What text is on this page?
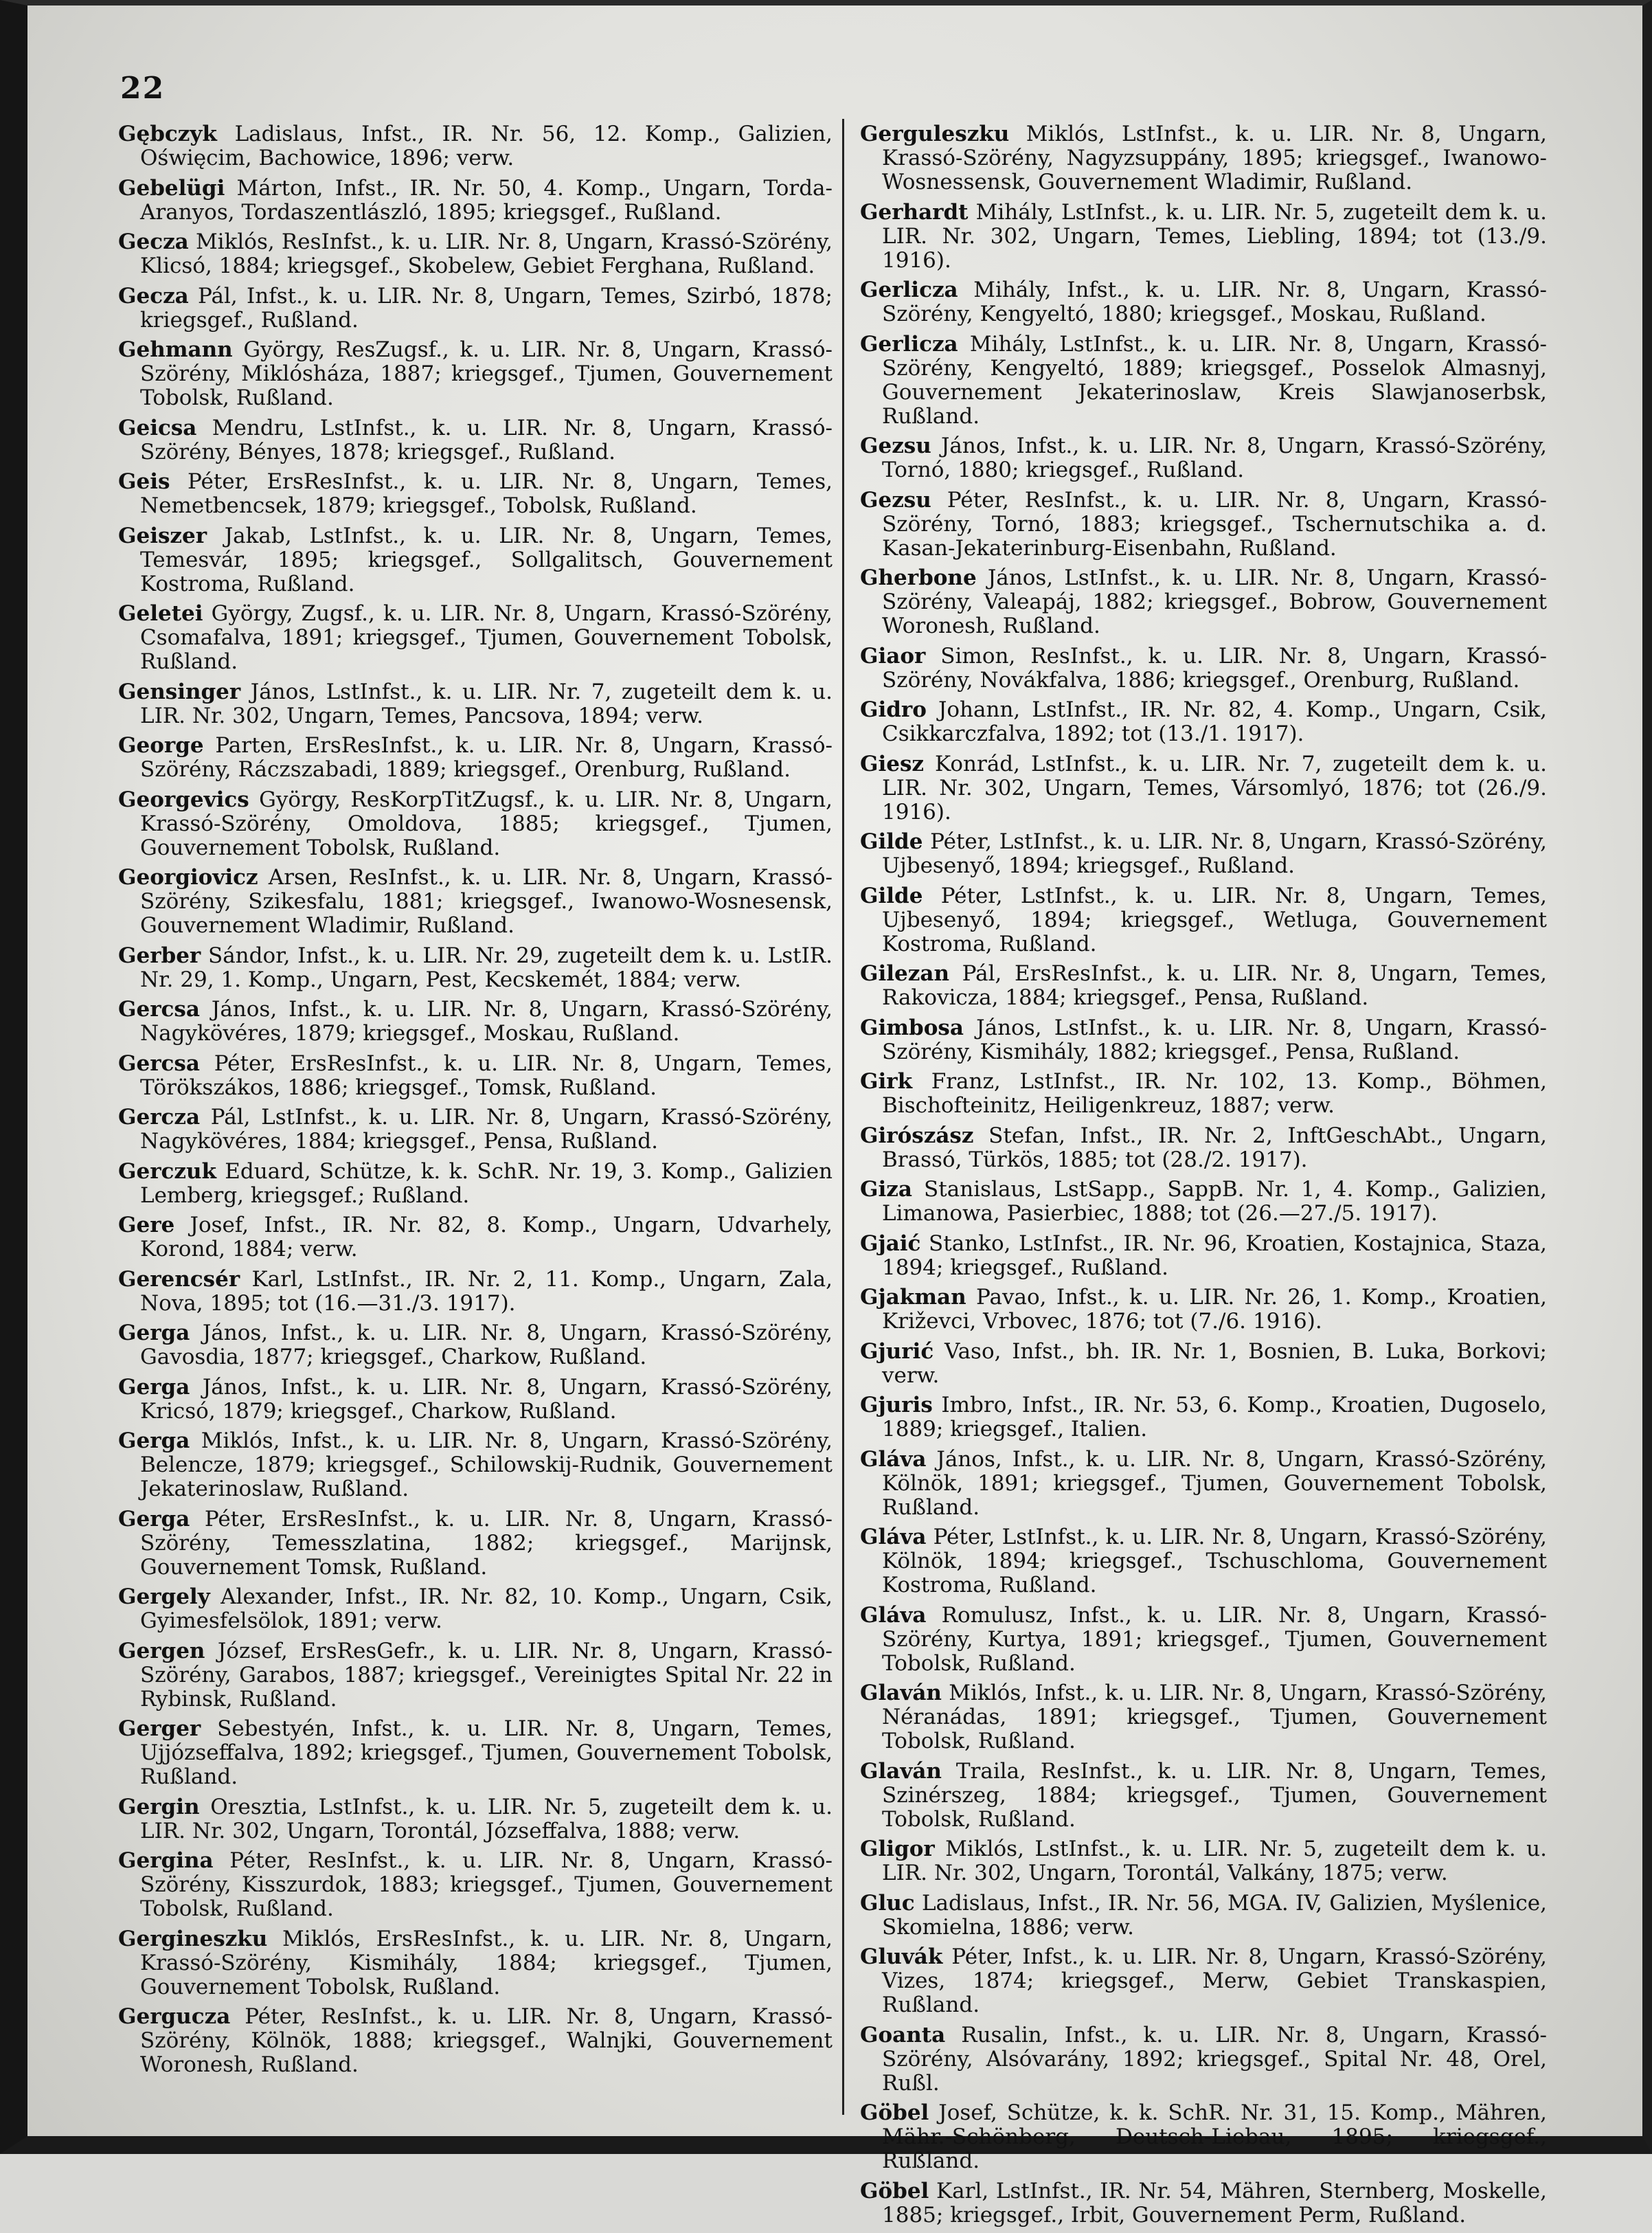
22
Gębczyk Ladislaus, Infst., IR. Nr. 56, 12. Komp., Galizien, Oświęcim, Bachowice, 1896; verw.
Gebelügi Márton, Infst., IR. Nr. 50, 4. Komp., Ungarn, Torda-Aranyos, Tordaszentlászló, 1895; kriegsgef., Rußland.
Gecza Miklós, ResInfst., k. u. LIR. Nr. 8, Ungarn, Krassó-Szörény, Klicsó, 1884; kriegsgef., Skobelew, Gebiet Ferghana, Rußland.
Gecza Pál, Infst., k. u. LIR. Nr. 8, Ungarn, Temes, Szirbó, 1878; kriegsgef., Rußland.
Gehmann György, ResZugsf., k. u. LIR. Nr. 8, Ungarn, Krassó-Szörény, Miklósháza, 1887; kriegsgef., Tjumen, Gouvernement Tobolsk, Rußland.
Geicsa Mendru, LstInfst., k. u. LIR. Nr. 8, Ungarn, Krassó-Szörény, Bényes, 1878; kriegsgef., Rußland.
Geis Péter, ErsResInfst., k. u. LIR. Nr. 8, Ungarn, Temes, Nemetbencsek, 1879; kriegsgef., Tobolsk, Rußland.
Geiszer Jakab, LstInfst., k. u. LIR. Nr. 8, Ungarn, Temes, Temesvár, 1895; kriegsgef., Sollgalitsch, Gouvernement Kostroma, Rußland.
Geletei György, Zugsf., k. u. LIR. Nr. 8, Ungarn, Krassó-Szörény, Csomafalva, 1891; kriegsgef., Tjumen, Gouvernement Tobolsk, Rußland.
Gensinger János, LstInfst., k. u. LIR. Nr. 7, zugeteilt dem k. u. LIR. Nr. 302, Ungarn, Temes, Pancsova, 1894; verw.
George Parten, ErsResInfst., k. u. LIR. Nr. 8, Ungarn, Krassó-Szörény, Ráczszabadi, 1889; kriegsgef., Orenburg, Rußland.
Georgevics György, ResKorpTitZugsf., k. u. LIR. Nr. 8, Ungarn, Krassó-Szörény, Omoldova, 1885; kriegsgef., Tjumen, Gouvernement Tobolsk, Rußland.
Georgiovicz Arsen, ResInfst., k. u. LIR. Nr. 8, Ungarn, Krassó-Szörény, Szikesfalu, 1881; kriegsgef., Iwanowo-Wosnesensk, Gouvernement Wladimir, Rußland.
Gerber Sándor, Infst., k. u. LIR. Nr. 29, zugeteilt dem k. u. LstIR. Nr. 29, 1. Komp., Ungarn, Pest, Kecskemét, 1884; verw.
Gercsa János, Infst., k. u. LIR. Nr. 8, Ungarn, Krassó-Szörény, Nagykövéres, 1879; kriegsgef., Moskau, Rußland.
Gercsa Péter, ErsResInfst., k. u. LIR. Nr. 8, Ungarn, Temes, Törökszákos, 1886; kriegsgef., Tomsk, Rußland.
Gercza Pál, LstInfst., k. u. LIR. Nr. 8, Ungarn, Krassó-Szörény, Nagykövéres, 1884; kriegsgef., Pensa, Rußland.
Gerczuk Eduard, Schütze, k. k. SchR. Nr. 19, 3. Komp., Galizien Lemberg, kriegsgef.; Rußland.
Gere Josef, Infst., IR. Nr. 82, 8. Komp., Ungarn, Udvarhely, Korond, 1884; verw.
Gerencsér Karl, LstInfst., IR. Nr. 2, 11. Komp., Ungarn, Zala, Nova, 1895; tot (16.—31./3. 1917).
Gerga János, Infst., k. u. LIR. Nr. 8, Ungarn, Krassó-Szörény, Gavosdia, 1877; kriegsgef., Charkow, Rußland.
Gerga János, Infst., k. u. LIR. Nr. 8, Ungarn, Krassó-Szörény, Kricsó, 1879; kriegsgef., Charkow, Rußland.
Gerga Miklós, Infst., k. u. LIR. Nr. 8, Ungarn, Krassó-Szörény, Belencze, 1879; kriegsgef., Schilowskij-Rudnik, Gouvernement Jekaterinoslaw, Rußland.
Gerga Péter, ErsResInfst., k. u. LIR. Nr. 8, Ungarn, Krassó-Szörény, Temesszlatina, 1882; kriegsgef., Marijnsk, Gouvernement Tomsk, Rußland.
Gergely Alexander, Infst., IR. Nr. 82, 10. Komp., Ungarn, Csik, Gyimesfelsölok, 1891; verw.
Gergen József, ErsResGefr., k. u. LIR. Nr. 8, Ungarn, Krassó-Szörény, Garabos, 1887; kriegsgef., Vereinigtes Spital Nr. 22 in Rybinsk, Rußland.
Gerger Sebestyén, Infst., k. u. LIR. Nr. 8, Ungarn, Temes, Ujjózseffalva, 1892; kriegsgef., Tjumen, Gouvernement Tobolsk, Rußland.
Gergin Oresztia, LstInfst., k. u. LIR. Nr. 5, zugeteilt dem k. u. LIR. Nr. 302, Ungarn, Torontál, Józseffalva, 1888; verw.
Gergina Péter, ResInfst., k. u. LIR. Nr. 8, Ungarn, Krassó-Szörény, Kisszurdok, 1883; kriegsgef., Tjumen, Gouvernement Tobolsk, Rußland.
Gergineszku Miklós, ErsResInfst., k. u. LIR. Nr. 8, Ungarn, Krassó-Szörény, Kismihály, 1884; kriegsgef., Tjumen, Gouvernement Tobolsk, Rußland.
Gergucza Péter, ResInfst., k. u. LIR. Nr. 8, Ungarn, Krassó-Szörény, Kölnök, 1888; kriegsgef., Walnjki, Gouvernement Woronesh, Rußland.
Gerguleszku Miklós, LstInfst., k. u. LIR. Nr. 8, Ungarn, Krassó-Szörény, Nagyzsuppány, 1895; kriegsgef., Iwanowo-Wosnessensk, Gouvernement Wladimir, Rußland.
Gerhardt Mihály, LstInfst., k. u. LIR. Nr. 5, zugeteilt dem k. u. LIR. Nr. 302, Ungarn, Temes, Liebling, 1894; tot (13./9. 1916).
Gerlicza Mihály, Infst., k. u. LIR. Nr. 8, Ungarn, Krassó-Szörény, Kengyeltó, 1880; kriegsgef., Moskau, Rußland.
Gerlicza Mihály, LstInfst., k. u. LIR. Nr. 8, Ungarn, Krassó-Szörény, Kengyeltó, 1889; kriegsgef., Posselok Almasnyj, Gouvernement Jekaterinoslaw, Kreis Slawjanoserbsk, Rußland.
Gezsu János, Infst., k. u. LIR. Nr. 8, Ungarn, Krassó-Szörény, Tornó, 1880; kriegsgef., Rußland.
Gezsu Péter, ResInfst., k. u. LIR. Nr. 8, Ungarn, Krassó-Szörény, Tornó, 1883; kriegsgef., Tschernutschika a. d. Kasan-Jekaterinburg-Eisenbahn, Rußland.
Gherbone János, LstInfst., k. u. LIR. Nr. 8, Ungarn, Krassó-Szörény, Valeapáj, 1882; kriegsgef., Bobrow, Gouvernement Woronesh, Rußland.
Giaor Simon, ResInfst., k. u. LIR. Nr. 8, Ungarn, Krassó-Szörény, Novákfalva, 1886; kriegsgef., Orenburg, Rußland.
Gidro Johann, LstInfst., IR. Nr. 82, 4. Komp., Ungarn, Csik, Csikkarczfalva, 1892; tot (13./1. 1917).
Giesz Konrád, LstInfst., k. u. LIR. Nr. 7, zugeteilt dem k. u. LIR. Nr. 302, Ungarn, Temes, Vársomlyó, 1876; tot (26./9. 1916).
Gilde Péter, LstInfst., k. u. LIR. Nr. 8, Ungarn, Krassó-Szörény, Ujbesenyő, 1894; kriegsgef., Rußland.
Gilde Péter, LstInfst., k. u. LIR. Nr. 8, Ungarn, Temes, Ujbesenyő, 1894; kriegsgef., Wetluga, Gouvernement Kostroma, Rußland.
Gilezan Pál, ErsResInfst., k. u. LIR. Nr. 8, Ungarn, Temes, Rakovicza, 1884; kriegsgef., Pensa, Rußland.
Gimbosa János, LstInfst., k. u. LIR. Nr. 8, Ungarn, Krassó-Szörény, Kismihály, 1882; kriegsgef., Pensa, Rußland.
Girk Franz, LstInfst., IR. Nr. 102, 13. Komp., Böhmen, Bischofteinitz, Heiligenkreuz, 1887; verw.
Girószász Stefan, Infst., IR. Nr. 2, InftGeschAbt., Ungarn, Brassó, Türkös, 1885; tot (28./2. 1917).
Giza Stanislaus, LstSapp., SappB. Nr. 1, 4. Komp., Galizien, Limanowa, Pasierbiec, 1888; tot (26.—27./5. 1917).
Gjaić Stanko, LstInfst., IR. Nr. 96, Kroatien, Kostajnica, Staza, 1894; kriegsgef., Rußland.
Gjakman Pavao, Infst., k. u. LIR. Nr. 26, 1. Komp., Kroatien, Križevci, Vrbovec, 1876; tot (7./6. 1916).
Gjurić Vaso, Infst., bh. IR. Nr. 1, Bosnien, B. Luka, Borkovi; verw.
Gjuris Imbro, Infst., IR. Nr. 53, 6. Komp., Kroatien, Dugoselo, 1889; kriegsgef., Italien.
Gláva János, Infst., k. u. LIR. Nr. 8, Ungarn, Krassó-Szörény, Kölnök, 1891; kriegsgef., Tjumen, Gouvernement Tobolsk, Rußland.
Gláva Péter, LstInfst., k. u. LIR. Nr. 8, Ungarn, Krassó-Szörény, Kölnök, 1894; kriegsgef., Tschuschloma, Gouvernement Kostroma, Rußland.
Gláva Romulusz, Infst., k. u. LIR. Nr. 8, Ungarn, Krassó-Szörény, Kurtya, 1891; kriegsgef., Tjumen, Gouvernement Tobolsk, Rußland.
Glaván Miklós, Infst., k. u. LIR. Nr. 8, Ungarn, Krassó-Szörény, Néranádas, 1891; kriegsgef., Tjumen, Gouvernement Tobolsk, Rußland.
Glaván Traila, ResInfst., k. u. LIR. Nr. 8, Ungarn, Temes, Szinérszeg, 1884; kriegsgef., Tjumen, Gouvernement Tobolsk, Rußland.
Gligor Miklós, LstInfst., k. u. LIR. Nr. 5, zugeteilt dem k. u. LIR. Nr. 302, Ungarn, Torontál, Valkány, 1875; verw.
Gluc Ladislaus, Infst., IR. Nr. 56, MGA. IV, Galizien, Myślenice, Skomielna, 1886; verw.
Gluvák Péter, Infst., k. u. LIR. Nr. 8, Ungarn, Krassó-Szörény, Vizes, 1874; kriegsgef., Merw, Gebiet Transkaspien, Rußland.
Goanta Rusalin, Infst., k. u. LIR. Nr. 8, Ungarn, Krassó-Szörény, Alsóvarány, 1892; kriegsgef., Spital Nr. 48, Orel, Rußl.
Göbel Josef, Schütze, k. k. SchR. Nr. 31, 15. Komp., Mähren, Mähr.-Schönberg, Deutsch-Liebau, 1895; kriegsgef., Rußland.
Göbel Karl, LstInfst., IR. Nr. 54, Mähren, Sternberg, Moskelle, 1885; kriegsgef., Irbit, Gouvernement Perm, Rußland.
